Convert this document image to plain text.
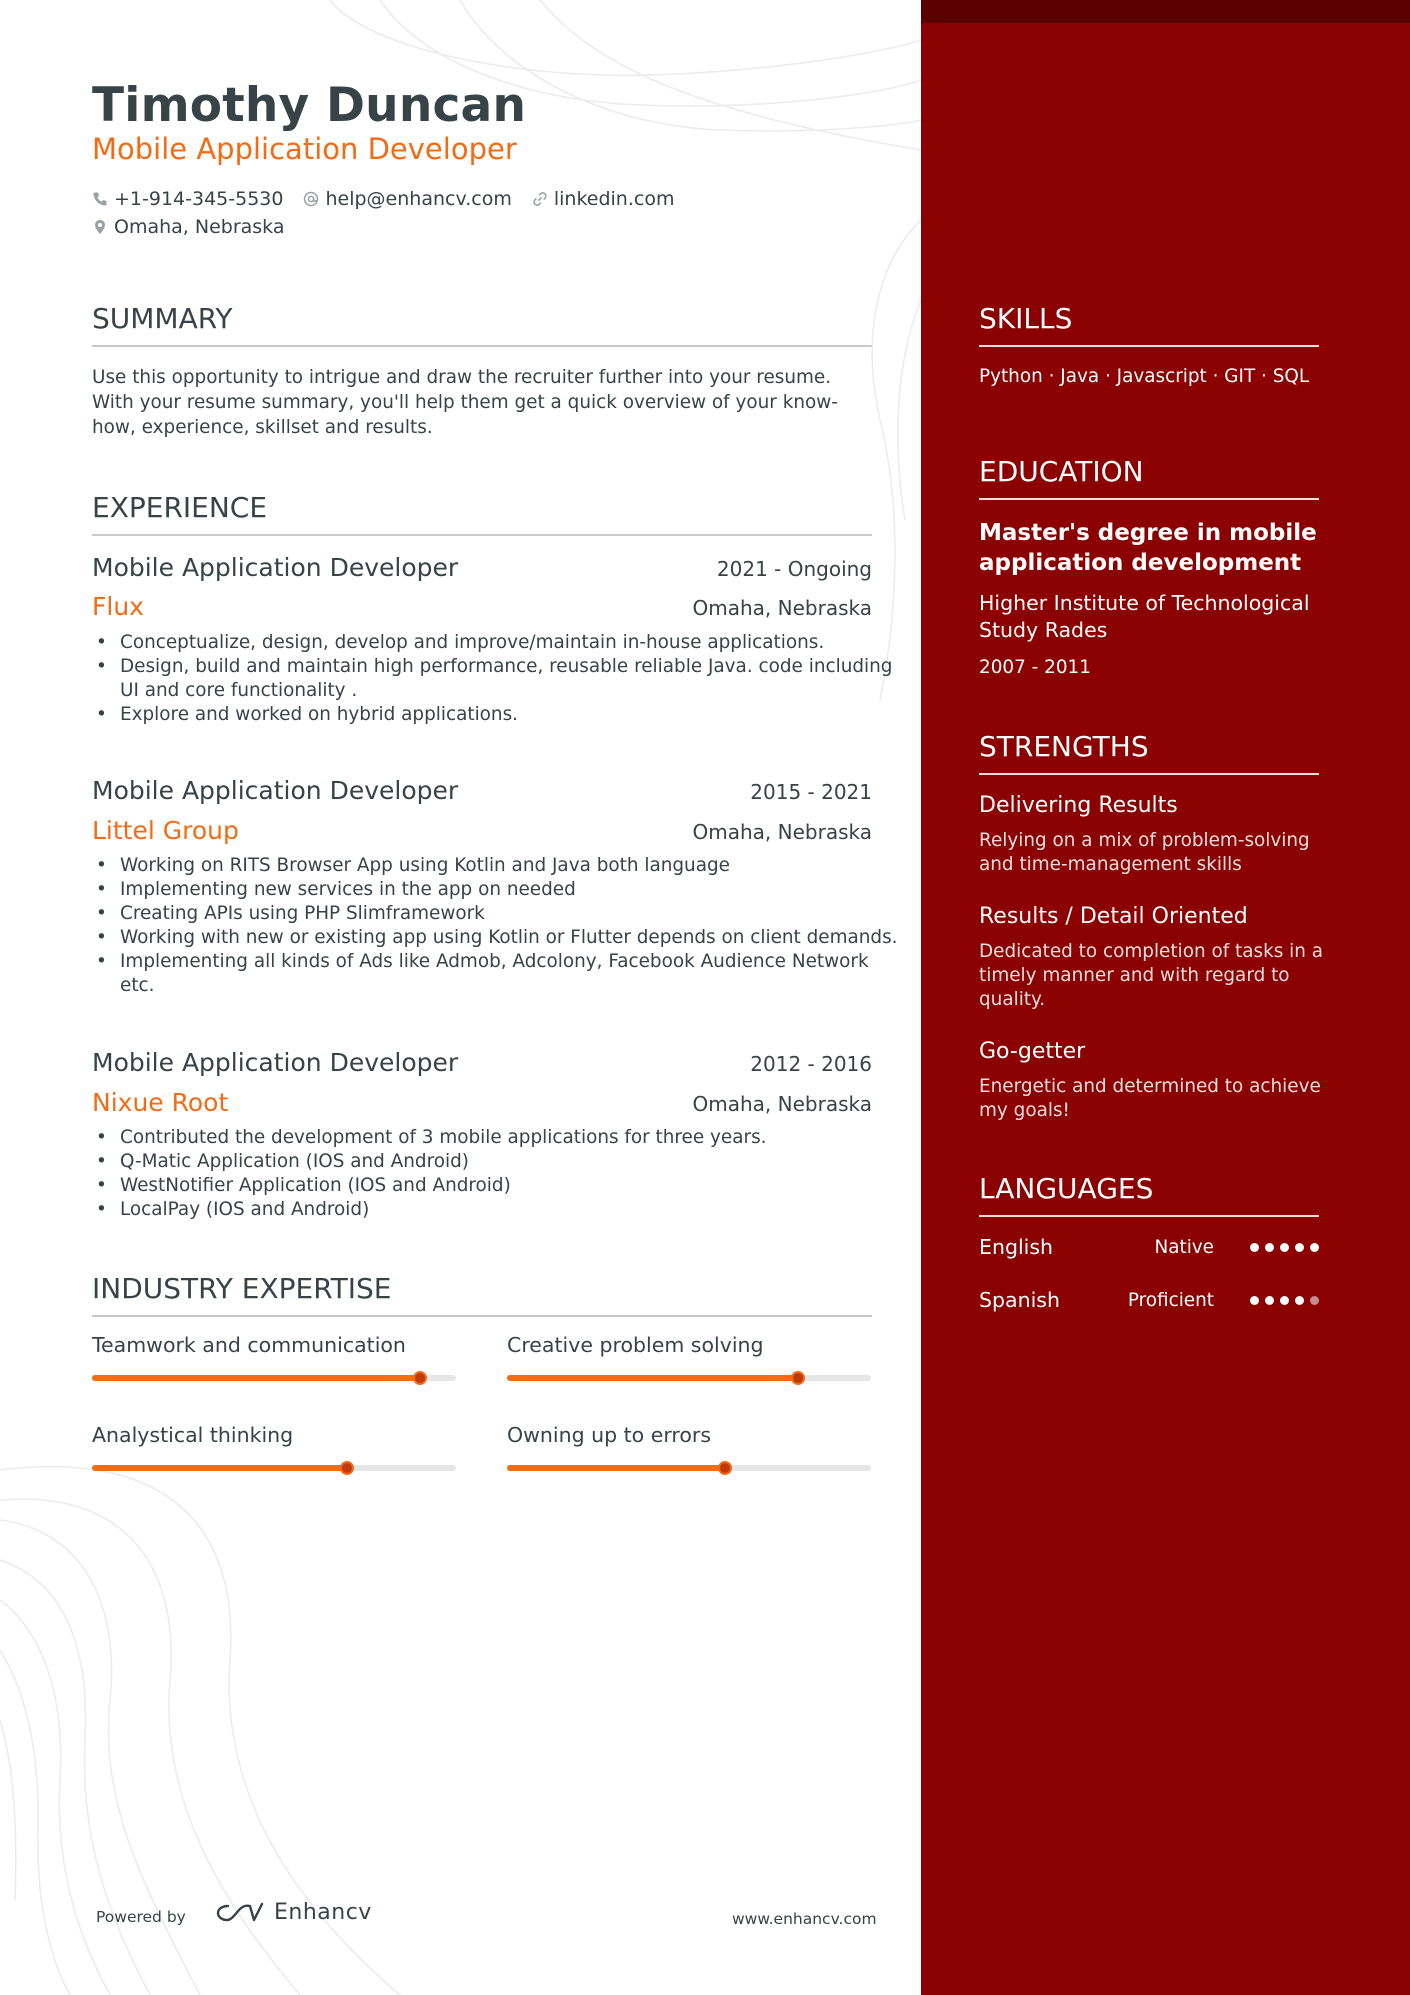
Timothy Duncan
Mobile Application Developer
+1-914-345-5530 help@enhancv.com linkedin.com
Omaha, Nebraska
SUMMARY
Use this opportunity to intrigue and draw the recruiter further into your resume. With your resume summary, you'll help them get a quick overview of your know-how, experience, skillset and results.
EXPERIENCE
Mobile Application Developer	2021 - Ongoing
Flux	Omaha, Nebraska
• Conceptualize, design, develop and improve/maintain in-house applications.
• Design, build and maintain high performance, reusable reliable Java. code including UI and core functionality .
• Explore and worked on hybrid applications.
Mobile Application Developer	2015 - 2021
Littel Group	Omaha, Nebraska
• Working on RITS Browser App using Kotlin and Java both language
• Implementing new services in the app on needed
• Creating APIs using PHP Slimframework
• Working with new or existing app using Kotlin or Flutter depends on client demands.
• Implementing all kinds of Ads like Admob, Adcolony, Facebook Audience Network etc.
Mobile Application Developer	2012 - 2016
Nixue Root	Omaha, Nebraska
• Contributed the development of 3 mobile applications for three years.
• Q-Matic Application (IOS and Android)
• WestNotifier Application (IOS and Android)
• LocalPay (IOS and Android)
INDUSTRY EXPERTISE
Teamwork and communication	Creative problem solving
Analystical thinking	Owning up to errors
Powered by	Enhancv	www.enhancv.com
SKILLS
Python · Java · Javascript · GIT · SQL
EDUCATION
Master's degree in mobile application development
Higher Institute of Technological Study Rades
2007 - 2011
STRENGTHS
Delivering Results
Relying on a mix of problem-solving and time-management skills
Results / Detail Oriented
Dedicated to completion of tasks in a timely manner and with regard to quality.
Go-getter
Energetic and determined to achieve my goals!
LANGUAGES
English	Native
Spanish	Proficient
